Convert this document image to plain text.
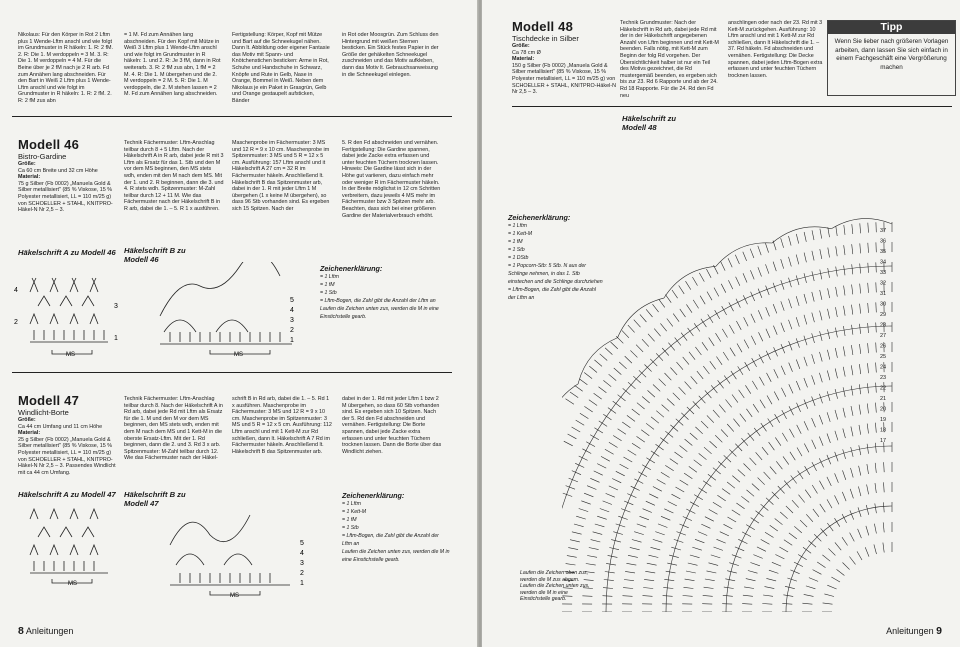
Nikolaus: Für den Körper in Rot 2 Lftm plus 1 Wende-Lftm anschl und wie folgt im Grundmuster in R häkeln: 1. R: 2 fM. 2. R: Die 1. M verdoppeln = 3 M. 3. R: Die 1. M verdoppeln = 4 M. Für die Beine über je 2 fM nach je 2 R arb. Fd zum Annähen lang abschneiden. Für den Bart in Weiß 2 Lftm plus 1 Wende-Lftm anschl und wie folgt im Grundmuster in R häkeln: 1. R: 2 fM. 2. R: 2 fM zus abn
= 1 M. Fd zum Annähen lang abschneiden. Für den Kopf mit Mütze in Weiß 3 Lftm plus 1 Wende-Lftm anschl und wie folgt im Grundmuster in R häkeln: 1. und 2. R: Je 3 fM, dann in Rot weiterarb. 3. R: 2 fM zus abn, 1 fM = 2 M. 4. R: Die 1. M übergehen und die 2. M verdoppeln = 2 M. 5. R: Die 1. M verdoppeln, die 2. M stehen lassen = 2 M. Fd zum Annähen lang abschneiden.
Fertigstellung: Körper, Kopf mit Mütze und Bart auf die Schneekugel nähen. Dann lt. Abbildung oder eigener Fantasie das Motiv mit Spann- und Knötchenstichen besticken: Arme in Rot, Schuhe und Handschuhe in Schwarz, Knöpfe und Rute in Gelb, Nase in Orange, Bommel in Weiß. Neben dem Nikolaus je ein Paket in Grasgrün, Gelb und Orange gestaupelt aufsticken, Bänder
in Rot oder Moosgrün. Zum Schluss den Hintergrund mit weißen Sternen besticken. Ein Stück festes Papier in der Größe der gehäkelten Schneekugel zuschneiden und das Motiv aufkleben, dann das Motiv lt. Gebrauchsanweisung in die Schneekugel einlegen.
Modell 46
Bistro-Gardine
Größe:
Ca 60 cm Breite und 32 cm Höhe
Material:
75 g Silber (Fb 0002) „Manuela Gold & Silber metallisiert" (85 % Viskose, 15 % Polyester metallisiert, LL = 110 m/25 g) von SCHOELLER + STAHL, KNITPRO-Häkel-N Nr 2,5 – 3.
Technik Fächermuster: Lftm-Anschlag teilbar durch 8 + 5 Lftm. Nach der Häkelschrift A in R arb, dabei jede R mit 3 Lftm als Ersatz für das 1. Stb und den M vor dem MS beginnen, den MS stets wdh, enden mit den M nach dem MS. Mit der 1. und 2. R beginnen, dann die 3. und 4. R stets wdh. Spitzenmuster: M-Zahl teilbar durch 12 + 11 M. Wie das Fächermuster nach der Häkelschrift B in R arb, dabei die 1. – 5. R 1 x ausführen.
Maschenprobe im Fächermuster: 3 MS und 12 R = 9 x 10 cm. Maschenprobe im Spitzenmuster: 3 MS und 5 R = 12 x 5 cm. Ausführung: 157 Lftm anschl und it Häkelschrift A 27 cm = 32 R im Fächermuster häkeln. Anschließend lt. Häkelschrift B das Spitzenmuster arb, dabei in der 1. R mit jeder Lftm 1 M übergehen (1 x keine M übergehen), so dass 96 Stb vorhanden sind. Es ergeben sich 15 Spitzen. Nach der
5. R den Fd abschneiden und vernähen. Fertigstellung: Die Gardine spannen, dabei jede Zacke extra erfassen und unter feuchten Tüchern trocknen lassen. Hinweis: Die Gardine lässt sich in der Höhe gut variieren, dazu einfach mehr oder weniger R im Fächermuster häkeln. In der Breite möglichst in 12 cm Schritten verbreitern, dazu jeweils 4 MS mehr im Fächermuster bzw 3 Spitzen mehr arb. Beachten, dass sich bei einer größeren Gardine der Materialverbrauch erhöht.
Häkelschrift A zu Modell 46 Häkelschrift B zu Modell 46
4
3
2
1
MS
5
4
3
2
1
MS
Zeichenerklärung:
= 1 Lftm
= 1 fM
= 1 Stb
= Lftm-Bogen, die Zahl gibt die Anzahl der Lftm an
Laufen die Zeichen unten zus, werden die M in eine Einstichstelle gearb.
Modell 47
Windlicht-Borte
Größe:
Ca 44 cm Umfang und 11 cm Höhe
Material:
25 g Silber (Fb 0002) „Manuela Gold & Silber metallisiert" (85 % Viskose, 15 % Polyester metallisiert, LL = 110 m/25 g) von SCHOELLER + STAHL, KNITPRO-Häkel-N Nr 2,5 – 3. Passendes Windlicht mit ca 44 cm Umfang.
Technik Fächermuster: Lftm-Anschlag teilbar durch 8. Nach der Häkelschrift A in Rd arb, dabei jede Rd mit Lftm als Ersatz für die 1. M und den M vor dem MS beginnen, den MS stets wdh, enden mit dem M nach dem MS und 1 Kett-M in die oberste Ersatz-Lftm. Mit der 1. Rd beginnen, dann die 2. und 3. Rd 3 x arb. Spitzenmuster: M-Zahl teilbar durch 12. Wie das Fächermuster nach der Häkel-
schrift B in Rd arb, dabei die 1. – 5. Rd 1 x ausführen. Maschenprobe im Fächermuster: 3 MS und 12 R = 9 x 10 cm. Maschenprobe im Spitzenmuster: 3 MS und 5 R = 12 x 5 cm. Ausführung: 112 Lftm anschl und mit 1 Kett-M zur Rd schließen, dann lt. Häkelschrift A 7 Rd im Fächermuster häkeln. Anschließend lt. Häkelschrift B das Spitzenmuster arb.
dabei in der 1. Rd mit jeder Lftm 1 bzw 2 M übergehen, so dass 60 Stb vorhanden sind. Es ergeben sich 10 Spitzen. Nach der 5. Rd den Fd abschneiden und vernähen. Fertigstellung: Die Borte spannen, dabei jede Zacke extra erfassen und unter feuchten Tüchern trocknen lassen. Dann die Borte über das Windlicht ziehen.
Häkelschrift A zu Modell 47 Häkelschrift B zu Modell 47
MS
5
4
3
2
1
MS
Zeichenerklärung:
= 1 Lftm
= 1 Kett-M
= 1 fM
= 1 Stb
= Lftm-Bogen, die Zahl gibt die Anzahl der Lftm an
Laufen die Zeichen unten zus, werden die M in eine Einstichstelle gearb.
8 Anleitungen
Modell 48
Tischdecke in Silber
Größe:
Ca 78 cm Ø
Material:
150 g Silber (Fb 0002) „Manuela Gold & Silber metallisiert" (85 % Viskose, 15 % Polyester metallisiert, LL = 110 m/25 g) von SCHOELLER + STAHL, KNITPRO-Häkel-N Nr 2,5 – 3.
Technik Grundmuster: Nach der Häkelschrift in Rd arb, dabei jede Rd mit der in der Häkelschrift angegebenen Anzahl von Lftm beginnen und mit Kett-M beenden. Falls nötig, mit Kett-M zum Beginn der folg Rd vorgehen. Der Übersichtlichkeit halber ist nur ein Teil des Motivs gezeichnet, die Rd mustergemäß beenden, es ergeben sich bis zur 23. Rd 6 Rapporte und ab der 24. Rd 18 Rapporte. Für die 24. Rd den Fd neu
anschlingen oder nach der 23. Rd mit 3 Kett-M zurückgehen. Ausführung: 10 Lftm anschl und mit 1 Kett-M zur Rd schließen, dann lt Häkelschrift die 1. – 37. Rd häkeln. Fd abschneiden und vernähen. Fertigstellung: Die Decke spannen, dabei jeden Lftm-Bogen extra erfassen und unter feuchten Tüchern trocknen lassen.
Tipp
Wenn Sie lieber nach größeren Vorlagen arbeiten, dann lassen Sie sich einfach in einem Fachgeschäft eine Vergrößerung machen
Häkelschrift zu Modell 48
37
36
35
34
33
32
31
30
29
28
27
26
25
24
23
22
21
20
19
18
17
Zeichenerklärung:
= 1 Lftm
= 1 Kett-M
= 1 fM
= 1 Stb
= 1 DStb
= 1 Popcorn-Stb: 5 Stb. N aus der Schlinge nehmen, in das 1. Stb einstechen und die Schlinge durchziehen
= Lftm-Bogen, die Zahl gibt die Anzahl der Lftm an
Laufen die Zeichen oben zus, werden die M zus abgem. Laufen die Zeichen unten zus, werden die M in eine Einstichstelle gearb.
Anleitungen 9
